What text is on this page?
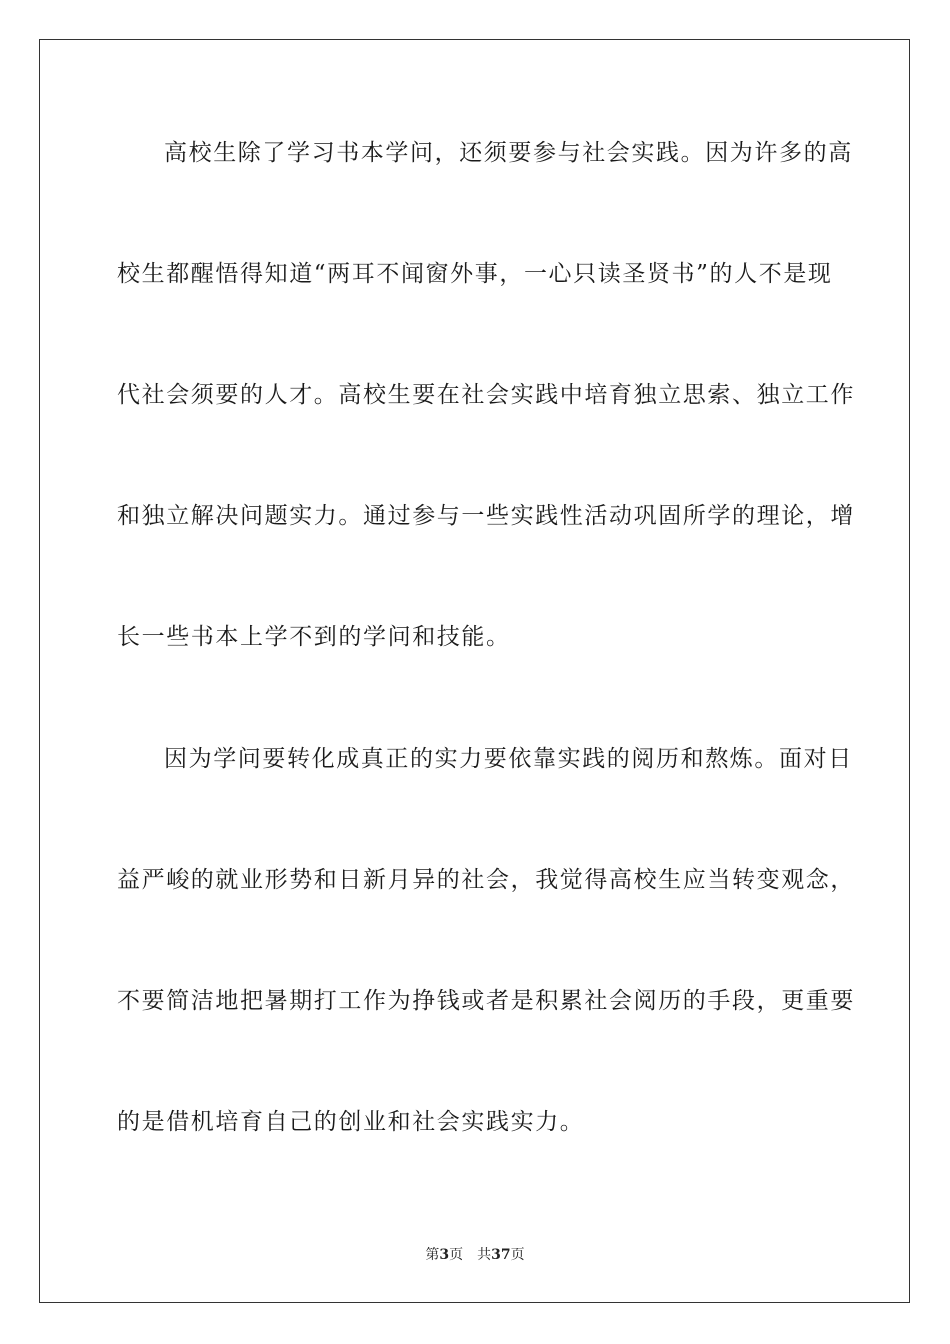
高校生除了学习书本学问，还须要参与社会实践。因为许多的高
校生都醒悟得知道“两耳不闻窗外事，一心只读圣贤书”的人不是现
代社会须要的人才。高校生要在社会实践中培育独立思索、独立工作
和独立解决问题实力。通过参与一些实践性活动巩固所学的理论，增
长一些书本上学不到的学问和技能。
因为学问要转化成真正的实力要依靠实践的阅历和熬炼。面对日
益严峻的就业形势和日新月异的社会，我觉得高校生应当转变观念，
不要简洁地把暑期打工作为挣钱或者是积累社会阅历的手段，更重要
的是借机培育自己的创业和社会实践实力。
第3页 共37页
